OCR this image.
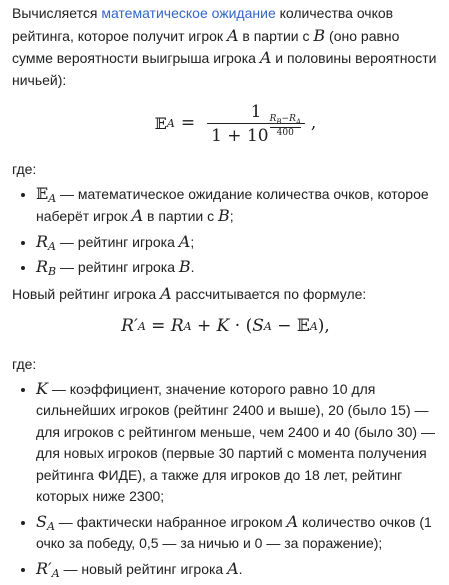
Вычисляется математическое ожидание количества очков рейтинга, которое получит игрок A в партии с B (оно равно сумме вероятности выигрыша игрока A и половины вероятности ничьей):

𝔼 A = 1
1 + 10
$R_B-R_A$
400 ,

где:

• 𝔼$_A$ — математическое ожидание количества очков, которое наберёт игрок A в партии с B;
• $R_A$ — рейтинг игрока A;
• $R_B$ — рейтинг игрока B.

Новый рейтинг игрока A рассчитывается по формуле:

R′ A = R A + K · ( S A − 𝔼 A ),

где:

• K — коэффициент, значение которого равно 10 для сильнейших игроков (рейтинг 2400 и выше), 20 (было 15) — для игроков с рейтингом меньше, чем 2400 и 40 (было 30) — для новых игроков (первые 30 партий с момента получения рейтинга ФИДЕ), а также для игроков до 18 лет, рейтинг которых ниже 2300;
• $S_A$ — фактически набранное игроком A количество очков (1 очко за победу, 0,5 — за ничью и 0 — за поражение);
• $R'_A$ — новый рейтинг игрока A.
